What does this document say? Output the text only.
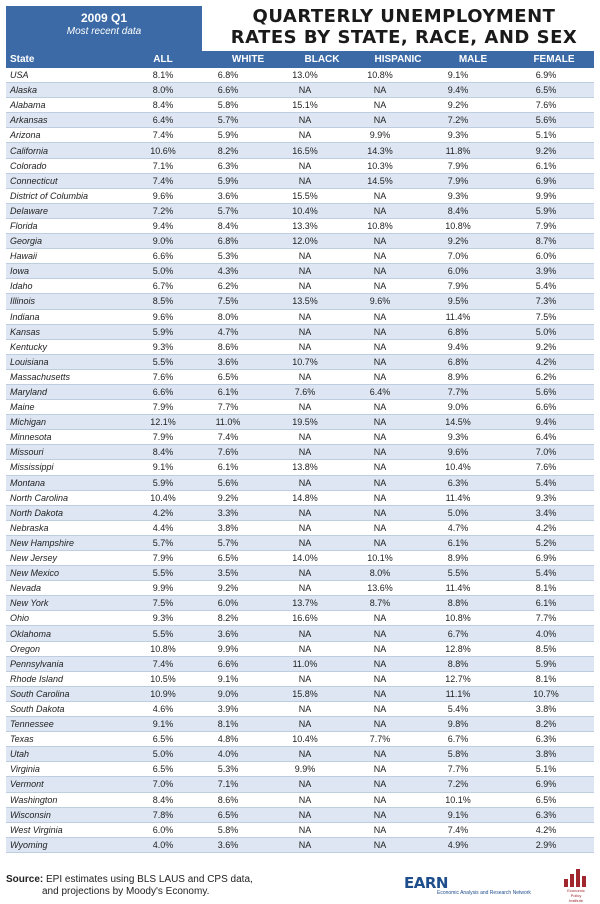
2009 Q1
Most recent data
QUARTERLY UNEMPLOYMENT
RATES BY STATE, RACE, AND SEX
State	ALL	WHITE	BLACK	HISPANIC	MALE	FEMALE
USA	8.1%	6.8%	13.0%	10.8%	9.1%	6.9%
Alaska	8.0%	6.6%	NA	NA	9.4%	6.5%
Alabama	8.4%	5.8%	15.1%	NA	9.2%	7.6%
Arkansas	6.4%	5.7%	NA	NA	7.2%	5.6%
Arizona	7.4%	5.9%	NA	9.9%	9.3%	5.1%
California	10.6%	8.2%	16.5%	14.3%	11.8%	9.2%
Colorado	7.1%	6.3%	NA	10.3%	7.9%	6.1%
Connecticut	7.4%	5.9%	NA	14.5%	7.9%	6.9%
District of Columbia	9.6%	3.6%	15.5%	NA	9.3%	9.9%
Delaware	7.2%	5.7%	10.4%	NA	8.4%	5.9%
Florida	9.4%	8.4%	13.3%	10.8%	10.8%	7.9%
Georgia	9.0%	6.8%	12.0%	NA	9.2%	8.7%
Hawaii	6.6%	5.3%	NA	NA	7.0%	6.0%
Iowa	5.0%	4.3%	NA	NA	6.0%	3.9%
Idaho	6.7%	6.2%	NA	NA	7.9%	5.4%
Illinois	8.5%	7.5%	13.5%	9.6%	9.5%	7.3%
Indiana	9.6%	8.0%	NA	NA	11.4%	7.5%
Kansas	5.9%	4.7%	NA	NA	6.8%	5.0%
Kentucky	9.3%	8.6%	NA	NA	9.4%	9.2%
Louisiana	5.5%	3.6%	10.7%	NA	6.8%	4.2%
Massachusetts	7.6%	6.5%	NA	NA	8.9%	6.2%
Maryland	6.6%	6.1%	7.6%	6.4%	7.7%	5.6%
Maine	7.9%	7.7%	NA	NA	9.0%	6.6%
Michigan	12.1%	11.0%	19.5%	NA	14.5%	9.4%
Minnesota	7.9%	7.4%	NA	NA	9.3%	6.4%
Missouri	8.4%	7.6%	NA	NA	9.6%	7.0%
Mississippi	9.1%	6.1%	13.8%	NA	10.4%	7.6%
Montana	5.9%	5.6%	NA	NA	6.3%	5.4%
North Carolina	10.4%	9.2%	14.8%	NA	11.4%	9.3%
North Dakota	4.2%	3.3%	NA	NA	5.0%	3.4%
Nebraska	4.4%	3.8%	NA	NA	4.7%	4.2%
New Hampshire	5.7%	5.7%	NA	NA	6.1%	5.2%
New Jersey	7.9%	6.5%	14.0%	10.1%	8.9%	6.9%
New Mexico	5.5%	3.5%	NA	8.0%	5.5%	5.4%
Nevada	9.9%	9.2%	NA	13.6%	11.4%	8.1%
New York	7.5%	6.0%	13.7%	8.7%	8.8%	6.1%
Ohio	9.3%	8.2%	16.6%	NA	10.8%	7.7%
Oklahoma	5.5%	3.6%	NA	NA	6.7%	4.0%
Oregon	10.8%	9.9%	NA	NA	12.8%	8.5%
Pennsylvania	7.4%	6.6%	11.0%	NA	8.8%	5.9%
Rhode Island	10.5%	9.1%	NA	NA	12.7%	8.1%
South Carolina	10.9%	9.0%	15.8%	NA	11.1%	10.7%
South Dakota	4.6%	3.9%	NA	NA	5.4%	3.8%
Tennessee	9.1%	8.1%	NA	NA	9.8%	8.2%
Texas	6.5%	4.8%	10.4%	7.7%	6.7%	6.3%
Utah	5.0%	4.0%	NA	NA	5.8%	3.8%
Virginia	6.5%	5.3%	9.9%	NA	7.7%	5.1%
Vermont	7.0%	7.1%	NA	NA	7.2%	6.9%
Washington	8.4%	8.6%	NA	NA	10.1%	6.5%
Wisconsin	7.8%	6.5%	NA	NA	9.1%	6.3%
West Virginia	6.0%	5.8%	NA	NA	7.4%	4.2%
Wyoming	4.0%	3.6%	NA	NA	4.9%	2.9%
Source: EPI estimates using BLS LAUS and CPS data,
and projections by Moody's Economy.	EARN
Economic Analysis and Research Network	Economic
Policy
Institute
